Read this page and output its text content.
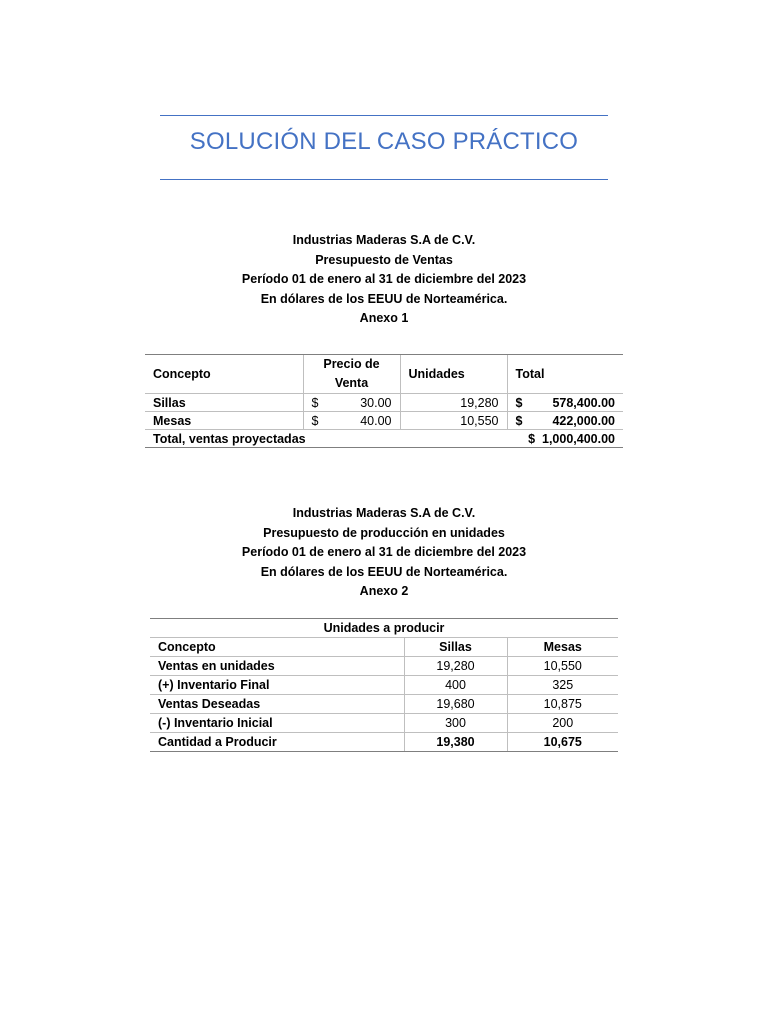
SOLUCIÓN DEL CASO PRÁCTICO
Industrias Maderas S.A de C.V.
Presupuesto de Ventas
Período 01 de enero al 31 de diciembre del 2023
En dólares de los EEUU de Norteamérica.
Anexo 1
Concepto	Precio de Venta	Unidades	Total
Sillas	$ 30.00	19,280	$ 578,400.00

Mesas	$ 40.00	10,550	$ 422,000.00

Total, ventas proyectadas			$  1,000,400.00
Industrias Maderas S.A de C.V.
Presupuesto de producción en unidades
Período 01 de enero al 31 de diciembre del 2023
En dólares de los EEUU de Norteamérica.
Anexo 2
Unidades a producir		
Concepto	Sillas	Mesas
Ventas en unidades	19,280	10,550
(+) Inventario Final	400	325
Ventas Deseadas	19,680	10,875
(-) Inventario Inicial	300	200
Cantidad a Producir	19,380	10,675
